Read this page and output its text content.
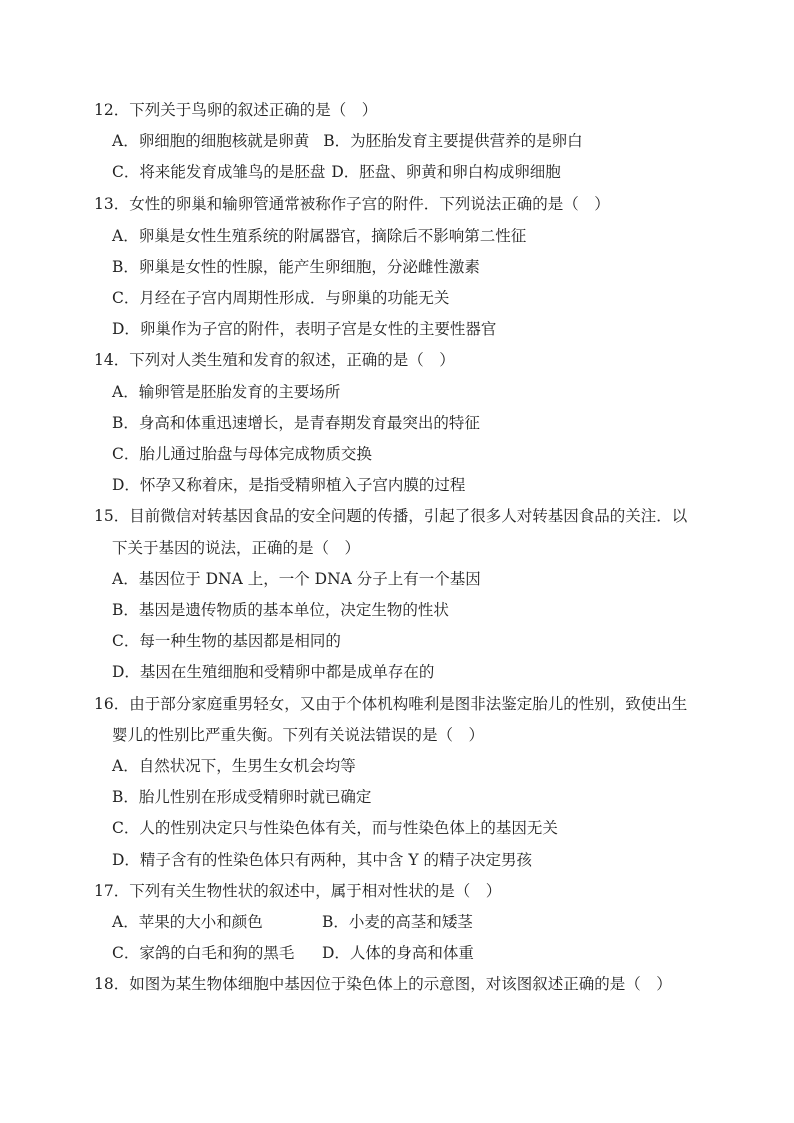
12．下列关于鸟卵的叙述正确的是（　）
A．卵细胞的细胞核就是卵黄 B．为胚胎发育主要提供营养的是卵白
C．将来能发育成雏鸟的是胚盘 D．胚盘、卵黄和卵白构成卵细胞
13．女性的卵巢和输卵管通常被称作子宫的附件．下列说法正确的是（　）
A．卵巢是女性生殖系统的附属器官，摘除后不影响第二性征
B．卵巢是女性的性腺，能产生卵细胞，分泌雌性激素
C．月经在子宫内周期性形成．与卵巢的功能无关
D．卵巢作为子宫的附件，表明子宫是女性的主要性器官
14．下列对人类生殖和发育的叙述，正确的是（　）
A．输卵管是胚胎发育的主要场所
B．身高和体重迅速增长，是青春期发育最突出的特征
C．胎儿通过胎盘与母体完成物质交换
D．怀孕又称着床，是指受精卵植入子宫内膜的过程
15．目前微信对转基因食品的安全问题的传播，引起了很多人对转基因食品的关注．以
下关于基因的说法，正确的是（　）
A．基因位于 DNA 上，一个 DNA 分子上有一个基因
B．基因是遗传物质的基本单位，决定生物的性状
C．每一种生物的基因都是相同的
D．基因在生殖细胞和受精卵中都是成单存在的
16．由于部分家庭重男轻女，又由于个体机构唯利是图非法鉴定胎儿的性别，致使出生
婴儿的性别比严重失衡。下列有关说法错误的是（　）
A．自然状况下，生男生女机会均等
B．胎儿性别在形成受精卵时就已确定
C．人的性别决定只与性染色体有关，而与性染色体上的基因无关
D．精子含有的性染色体只有两种，其中含 Y 的精子决定男孩
17．下列有关生物性状的叙述中，属于相对性状的是（　）
A．苹果的大小和颜色	B．小麦的高茎和矮茎
C．家鸽的白毛和狗的黑毛 D．人体的身高和体重
18．如图为某生物体细胞中基因位于染色体上的示意图，对该图叙述正确的是（　）
